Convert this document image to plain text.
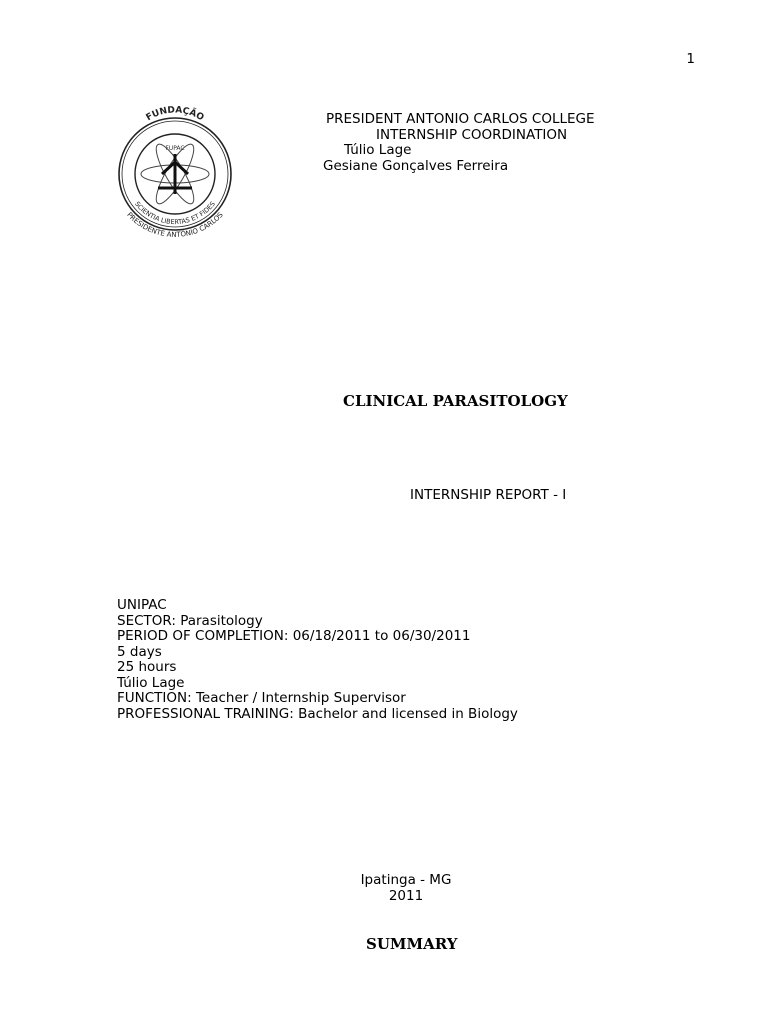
1
FUNDAÇÃO
FUPAC
SCIENTIA LIBERTAS ET FIDES
PRESIDENTE ANTÔNIO CARLOS
PRESIDENT ANTONIO CARLOS COLLEGE
INTERNSHIP COORDINATION
Túlio Lage
Gesiane Gonçalves Ferreira
CLINICAL PARASITOLOGY
INTERNSHIP REPORT - I
UNIPAC
SECTOR: Parasitology
PERIOD OF COMPLETION: 06/18/2011 to 06/30/2011
5 days
25 hours
Túlio Lage
FUNCTION: Teacher / Internship Supervisor
PROFESSIONAL TRAINING: Bachelor and licensed in Biology
Ipatinga - MG
2011
SUMMARY
